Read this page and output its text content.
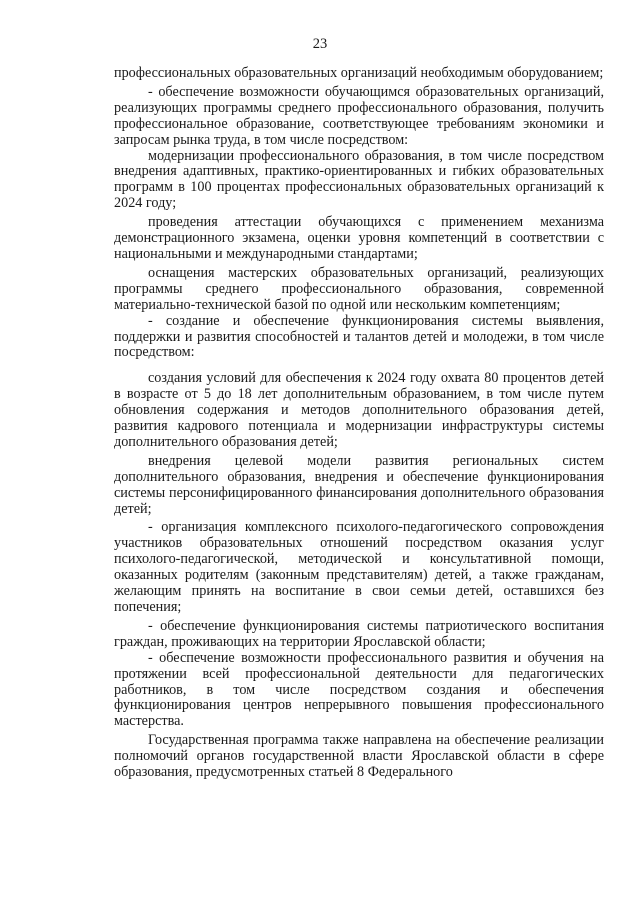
23

профессиональных образовательных организаций необходимым оборудованием;

- обеспечение возможности обучающимся образовательных организаций, реализующих программы среднего профессионального образования, получить профессиональное образование, соответствующее требованиям экономики и запросам рынка труда, в том числе посредством:

модернизации профессионального образования, в том числе посредством внедрения адаптивных, практико-ориентированных и гибких образовательных программ в 100 процентах профессиональных образовательных организаций к 2024 году;

проведения аттестации обучающихся с применением механизма демонстрационного экзамена, оценки уровня компетенций в соответствии с национальными и международными стандартами;

оснащения мастерских образовательных организаций, реализующих программы среднего профессионального образования, современной материально-технической базой по одной или нескольким компетенциям;

- создание и обеспечение функционирования системы выявления, поддержки и развития способностей и талантов детей и молодежи, в том числе посредством:

создания условий для обеспечения к 2024 году охвата 80 процентов детей в возрасте от 5 до 18 лет дополнительным образованием, в том числе путем обновления содержания и методов дополнительного образования детей, развития кадрового потенциала и модернизации инфраструктуры системы дополнительного образования детей;

внедрения целевой модели развития региональных систем дополнительного образования, внедрения и обеспечение функционирования системы персонифицированного финансирования дополнительного образования детей;

- организация комплексного психолого-педагогического сопровождения участников образовательных отношений посредством оказания услуг психолого-педагогической, методической и консультативной помощи, оказанных родителям (законным представителям) детей, а также гражданам, желающим принять на воспитание в свои семьи детей, оставшихся без попечения;

- обеспечение функционирования системы патриотического воспитания граждан, проживающих на территории Ярославской области;

- обеспечение возможности профессионального развития и обучения на протяжении всей профессиональной деятельности для педагогических работников, в том числе посредством создания и обеспечения функционирования центров непрерывного повышения профессионального мастерства.

Государственная программа также направлена на обеспечение реализации полномочий органов государственной власти Ярославской области в сфере образования, предусмотренных статьей 8 Федерального
